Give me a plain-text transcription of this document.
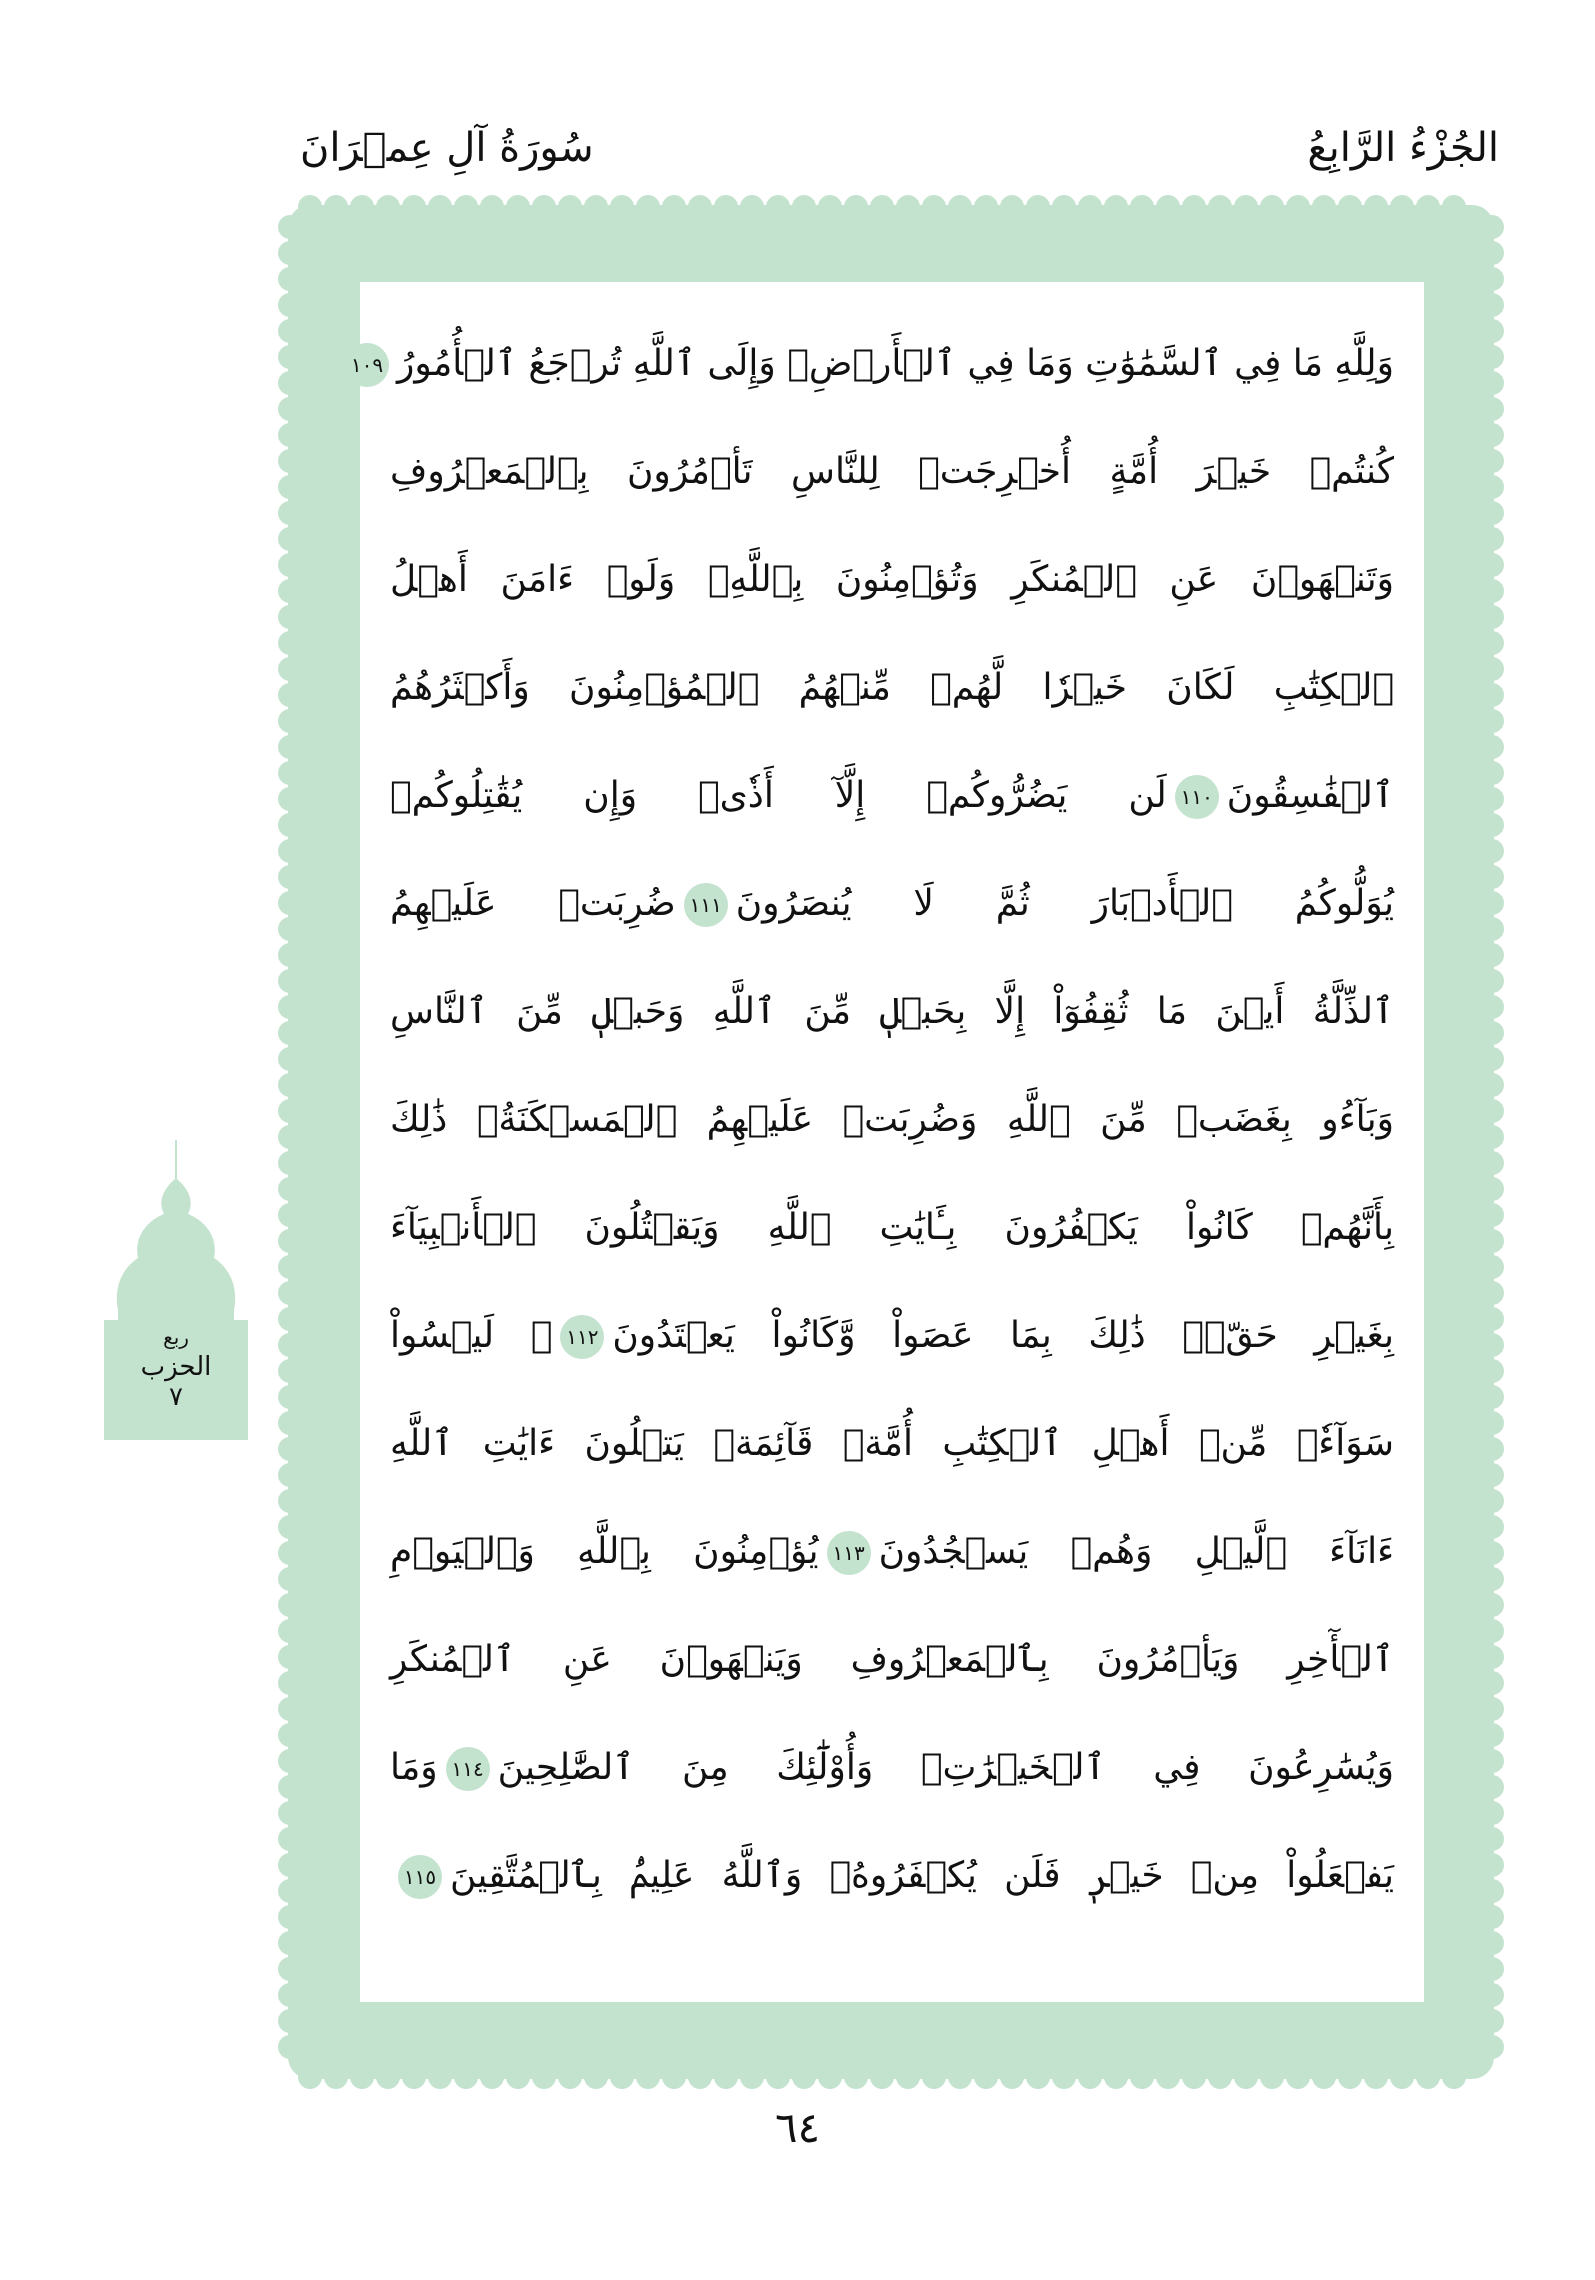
الجُزْءُ الرَّابِعُ
سُورَةُ آلِ عِمۡرَانَ
وَلِلَّهِ مَا فِي ٱلسَّمَٰوَٰتِ وَمَا فِي ٱلۡأَرۡضِۚ وَإِلَى ٱللَّهِ تُرۡجَعُ ٱلۡأُمُورُ١٠٩
كُنتُمۡ خَيۡرَ أُمَّةٍ أُخۡرِجَتۡ لِلنَّاسِ تَأۡمُرُونَ بِٱلۡمَعۡرُوفِ
وَتَنۡهَوۡنَ عَنِ ٱلۡمُنكَرِ وَتُؤۡمِنُونَ بِٱللَّهِۗ وَلَوۡ ءَامَنَ أَهۡلُ
ٱلۡكِتَٰبِ لَكَانَ خَيۡرٗا لَّهُمۚ مِّنۡهُمُ ٱلۡمُؤۡمِنُونَ وَأَكۡثَرُهُمُ
ٱلۡفَٰسِقُونَ١١٠لَن يَضُرُّوكُمۡ إِلَّآ أَذٗىۖ وَإِن يُقَٰتِلُوكُمۡ
يُوَلُّوكُمُ ٱلۡأَدۡبَارَ ثُمَّ لَا يُنصَرُونَ١١١ضُرِبَتۡ عَلَيۡهِمُ
ٱلذِّلَّةُ أَيۡنَ مَا ثُقِفُوٓاْ إِلَّا بِحَبۡلٖ مِّنَ ٱللَّهِ وَحَبۡلٖ مِّنَ ٱلنَّاسِ
وَبَآءُو بِغَضَبٖ مِّنَ ٱللَّهِ وَضُرِبَتۡ عَلَيۡهِمُ ٱلۡمَسۡكَنَةُۚ ذَٰلِكَ
بِأَنَّهُمۡ كَانُواْ يَكۡفُرُونَ بِـَٔايَٰتِ ٱللَّهِ وَيَقۡتُلُونَ ٱلۡأَنۢبِيَآءَ
بِغَيۡرِ حَقّٖۚ ذَٰلِكَ بِمَا عَصَواْ وَّكَانُواْ يَعۡتَدُونَ١١٢۞ لَيۡسُواْ
سَوَآءٗۗ مِّنۡ أَهۡلِ ٱلۡكِتَٰبِ أُمَّةٞ قَآئِمَةٞ يَتۡلُونَ ءَايَٰتِ ٱللَّهِ
ءَانَآءَ ٱلَّيۡلِ وَهُمۡ يَسۡجُدُونَ١١٣يُؤۡمِنُونَ بِٱللَّهِ وَٱلۡيَوۡمِ
ٱلۡأٓخِرِ وَيَأۡمُرُونَ بِٱلۡمَعۡرُوفِ وَيَنۡهَوۡنَ عَنِ ٱلۡمُنكَرِ
وَيُسَٰرِعُونَ فِي ٱلۡخَيۡرَٰتِۖ وَأُوْلَٰٓئِكَ مِنَ ٱلصَّٰلِحِينَ١١٤وَمَا
يَفۡعَلُواْ مِنۡ خَيۡرٖ فَلَن يُكۡفَرُوهُۗ وَٱللَّهُ عَلِيمُۢ بِٱلۡمُتَّقِينَ١١٥
ربع
الحزب
٧
٦٤
